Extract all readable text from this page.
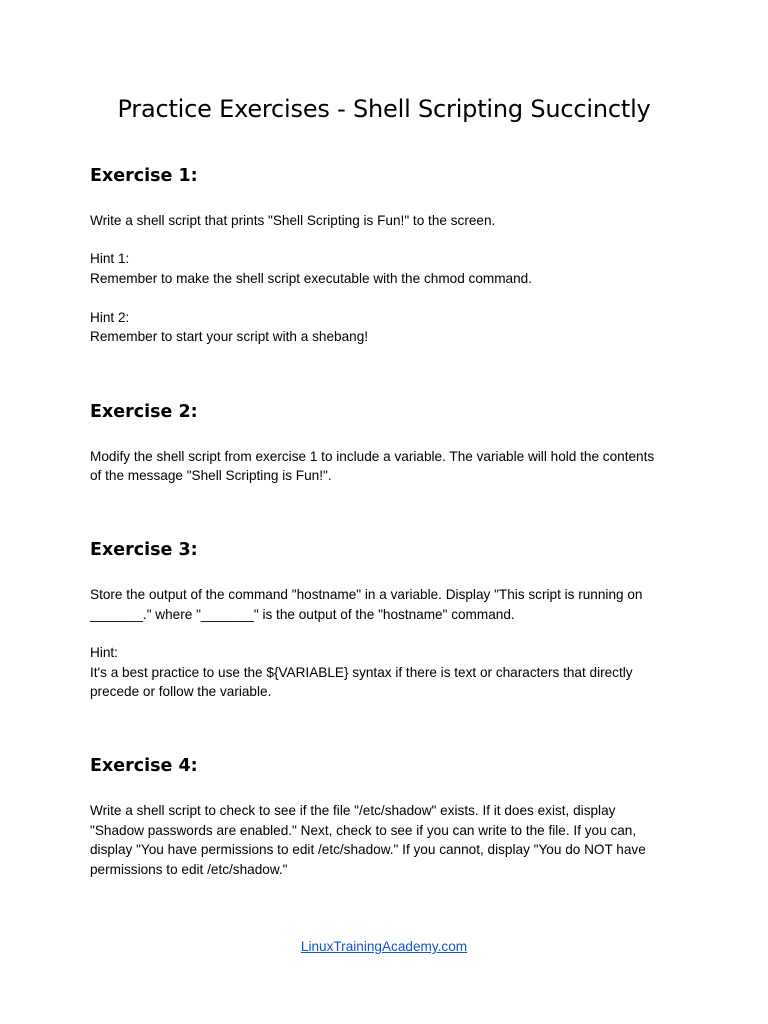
Practice Exercises - Shell Scripting Succinctly
Exercise 1:

Write a shell script that prints "Shell Scripting is Fun!" to the screen.

Hint 1:

Remember to make the shell script executable with the chmod command.

Hint 2:

Remember to start your script with a shebang!

Exercise 2:

Modify the shell script from exercise 1 to include a variable. The variable will hold the contents

of the message "Shell Scripting is Fun!".

Exercise 3:

Store the output of the command "hostname" in a variable. Display "This script is running on

_______." where "_______" is the output of the "hostname" command.

Hint:

It's a best practice to use the ${VARIABLE} syntax if there is text or characters that directly

precede or follow the variable.

Exercise 4:

Write a shell script to check to see if the file "/etc/shadow" exists. If it does exist, display

"Shadow passwords are enabled." Next, check to see if you can write to the file. If you can,

display "You have permissions to edit /etc/shadow." If you cannot, display "You do NOT have

permissions to edit /etc/shadow."

LinuxTrainingAcademy.com
